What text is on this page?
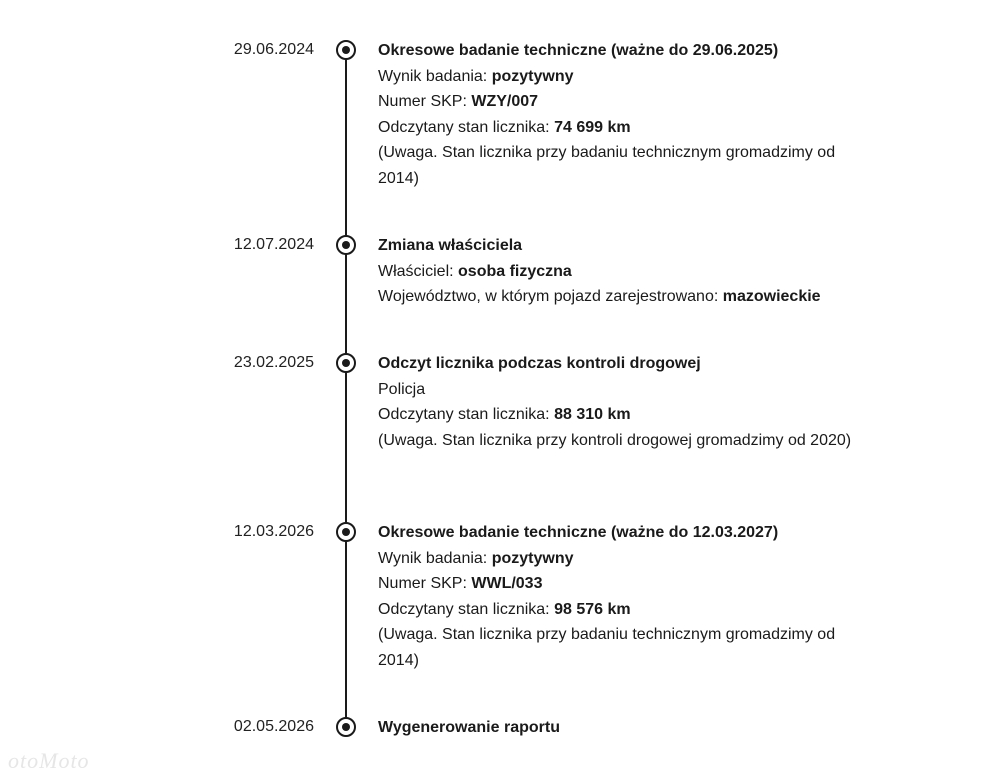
29.06.2024	Okresowe badanie techniczne (ważne do 29.06.2025)
Wynik badania: pozytywny
Numer SKP: WZY/007
Odczytany stan licznika: 74 699 km
(Uwaga. Stan licznika przy badaniu technicznym gromadzimy od 2014)
12.07.2024	Zmiana właściciela
Właściciel: osoba fizyczna
Województwo, w którym pojazd zarejestrowano: mazowieckie
23.02.2025	Odczyt licznika podczas kontroli drogowej
Policja
Odczytany stan licznika: 88 310 km
(Uwaga. Stan licznika przy kontroli drogowej gromadzimy od 2020)
12.03.2026	Okresowe badanie techniczne (ważne do 12.03.2027)
Wynik badania: pozytywny
Numer SKP: WWL/033
Odczytany stan licznika: 98 576 km
(Uwaga. Stan licznika przy badaniu technicznym gromadzimy od 2014)
02.05.2026	Wygenerowanie raportu
otoMoto
